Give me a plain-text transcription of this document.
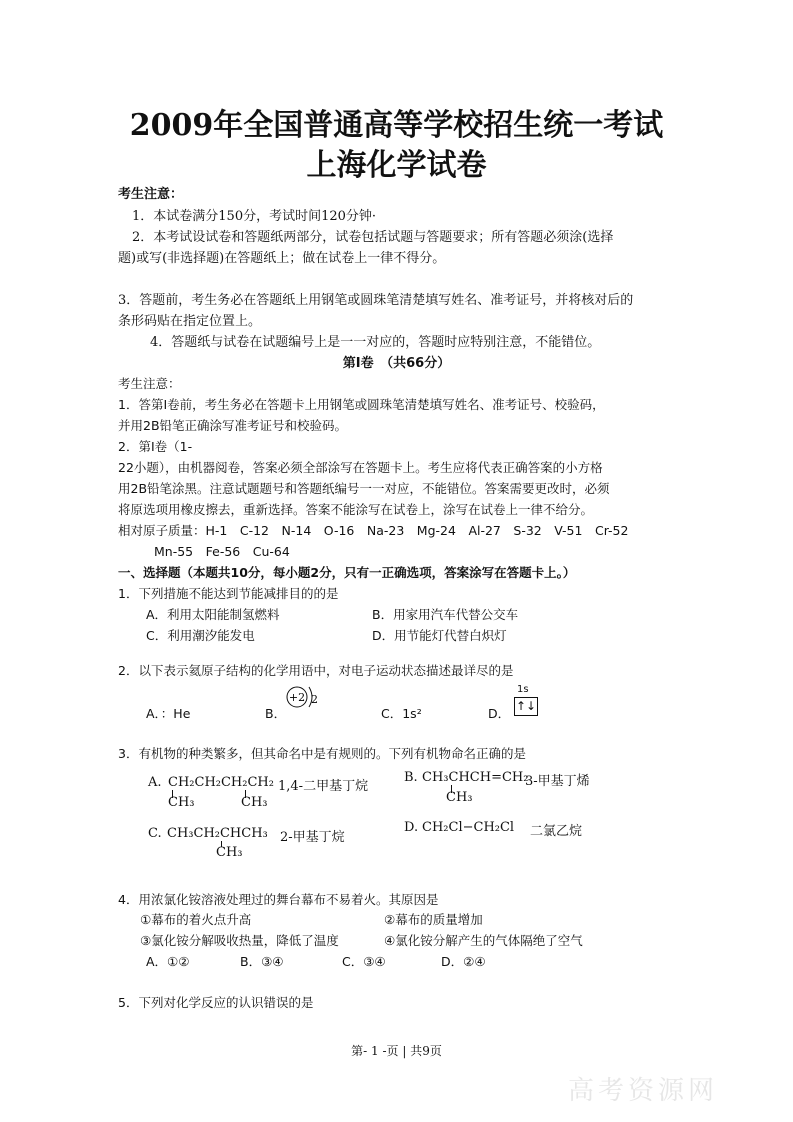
2009年全国普通高等学校招生统一考试
上海化学试卷
考生注意：
1．本试卷满分150分，考试时间120分钟·
2．本考试设试卷和答题纸两部分，试卷包括试题与答题要求；所有答题必须涂(选择
题)或写(非选择题)在答题纸上；做在试卷上一律不得分。
3．答题前，考生务必在答题纸上用钢笔或圆珠笔清楚填写姓名、准考证号，并将核对后的
条形码贴在指定位置上。
4．答题纸与试卷在试题编号上是一一对应的，答题时应特别注意，不能错位。
第Ⅰ卷　（共66分）
考生注意：
1．答第Ⅰ卷前，考生务必在答题卡上用钢笔或圆珠笔清楚填写姓名、准考证号、校验码，
并用2B铅笔正确涂写准考证号和校验码。
2．第Ⅰ卷（1-
22小题），由机器阅卷，答案必须全部涂写在答题卡上。考生应将代表正确答案的小方格
用2B铅笔涂黑。注意试题题号和答题纸编号一一对应，不能错位。答案需要更改时，必须
将原选项用橡皮擦去，重新选择。答案不能涂写在试卷上，涂写在试卷上一律不给分。
相对原子质量：H-1　C-12　N-14　O-16　Na-23　Mg-24　Al-27　S-32　V-51　Cr-52
Mn-55　Fe-56　Cu-64
一、选择题（本题共10分，每小题2分，只有一正确选项，答案涂写在答题卡上。）
1．下列措施不能达到节能减排目的的是
A．利用太阳能制氢燃料	B．用家用汽车代替公交车
C．利用潮汐能发电	D．用节能灯代替白炽灯
2．以下表示氦原子结构的化学用语中，对电子运动状态描述最详尽的是
A．：He	B．
+2 2
C．1s²	D．
1s
↑↓
3．有机物的种类繁多，但其命名中是有规则的。下列有机物命名正确的是
A. CH₂CH₂CH₂CH₂ 1,4-二甲基丁烷
CH₃	CH₃
B. CH₃CHCH=CH₂
3-甲基丁烯
CH₃
C. CH₃CH₂CHCH₃ 2-甲基丁烷
CH₃
D. CH₂Cl−CH₂Cl 二氯乙烷
4．用浓氯化铵溶液处理过的舞台幕布不易着火。其原因是
①幕布的着火点升高	②幕布的质量增加
③氯化铵分解吸收热量，降低了温度	④氯化铵分解产生的气体隔绝了空气
A．①②	B．③④	C．③④	D．②④
5．下列对化学反应的认识错误的是
第- 1 -页 | 共9页
高考资源网
